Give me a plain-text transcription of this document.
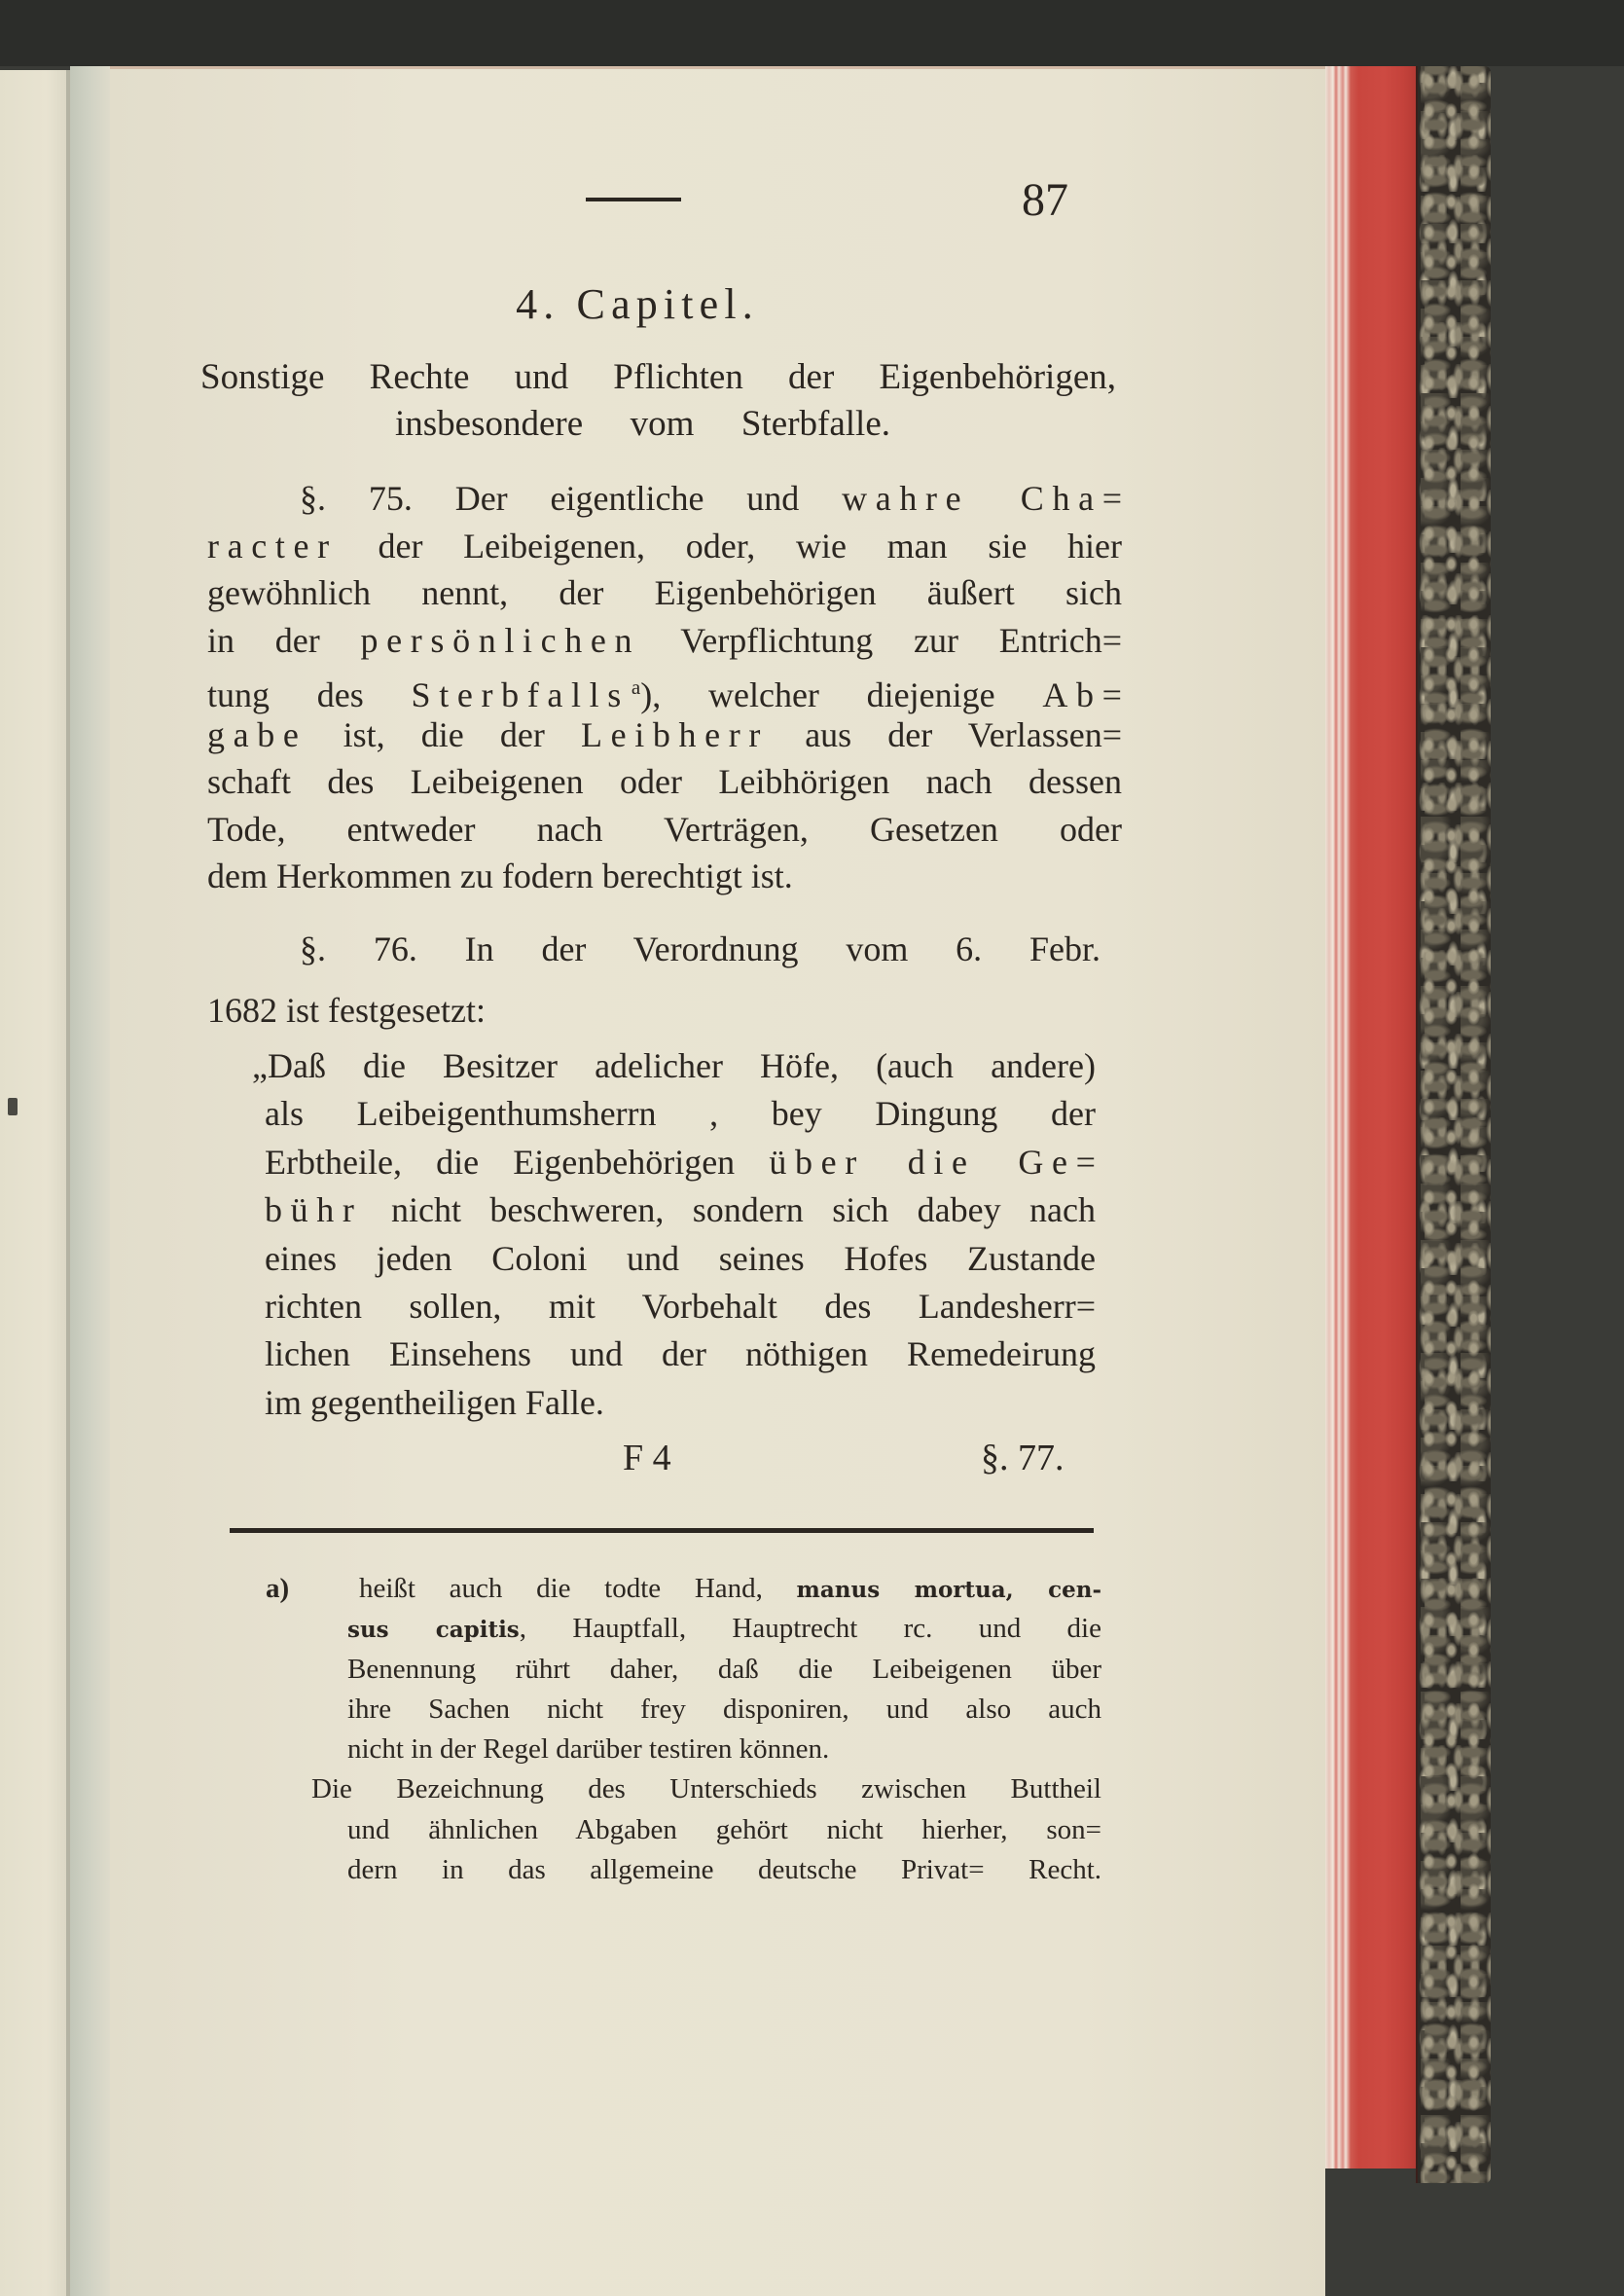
87
4. Capitel.
Sonstige Rechte und Pflichten der Eigenbehörigen,
insbesondere vom Sterbfalle.
§. 75. Der eigentliche und wahre Cha=
racter der Leibeigenen, oder, wie man sie hier
gewöhnlich nennt, der Eigenbehörigen äußert sich
in der persönlichen Verpflichtung zur Entrich=
tung des Sterbfalls$^a$), welcher diejenige Ab=
gabe ist, die der Leibherr aus der Verlassen=
schaft des Leibeigenen oder Leibhörigen nach dessen
Tode, entweder nach Verträgen, Gesetzen oder
dem Herkommen zu fodern berechtigt ist.
§. 76. In der Verordnung vom 6. Febr.
1682 ist festgesetzt:
„Daß die Besitzer adelicher Höfe, (auch andere)
als Leibeigenthumsherrn , bey Dingung der
Erbtheile, die Eigenbehörigen über die Ge=
bühr nicht beschweren, sondern sich dabey nach
eines jeden Coloni und seines Hofes Zustande
richten sollen, mit Vorbehalt des Landesherr=
lichen Einsehens und der nöthigen Remedeirung
im gegentheiligen Falle.
F 4	§. 77.
a)	heißt auch die todte Hand, manus mortua, cen-
sus capitis, Hauptfall, Hauptrecht rc. und die
Benennung rührt daher, daß die Leibeigenen über
ihre Sachen nicht frey disponiren, und also auch
nicht in der Regel darüber testiren können.
Die Bezeichnung des Unterschieds zwischen Buttheil
und ähnlichen Abgaben gehört nicht hierher, son=
dern in das allgemeine deutsche Privat= Recht.
